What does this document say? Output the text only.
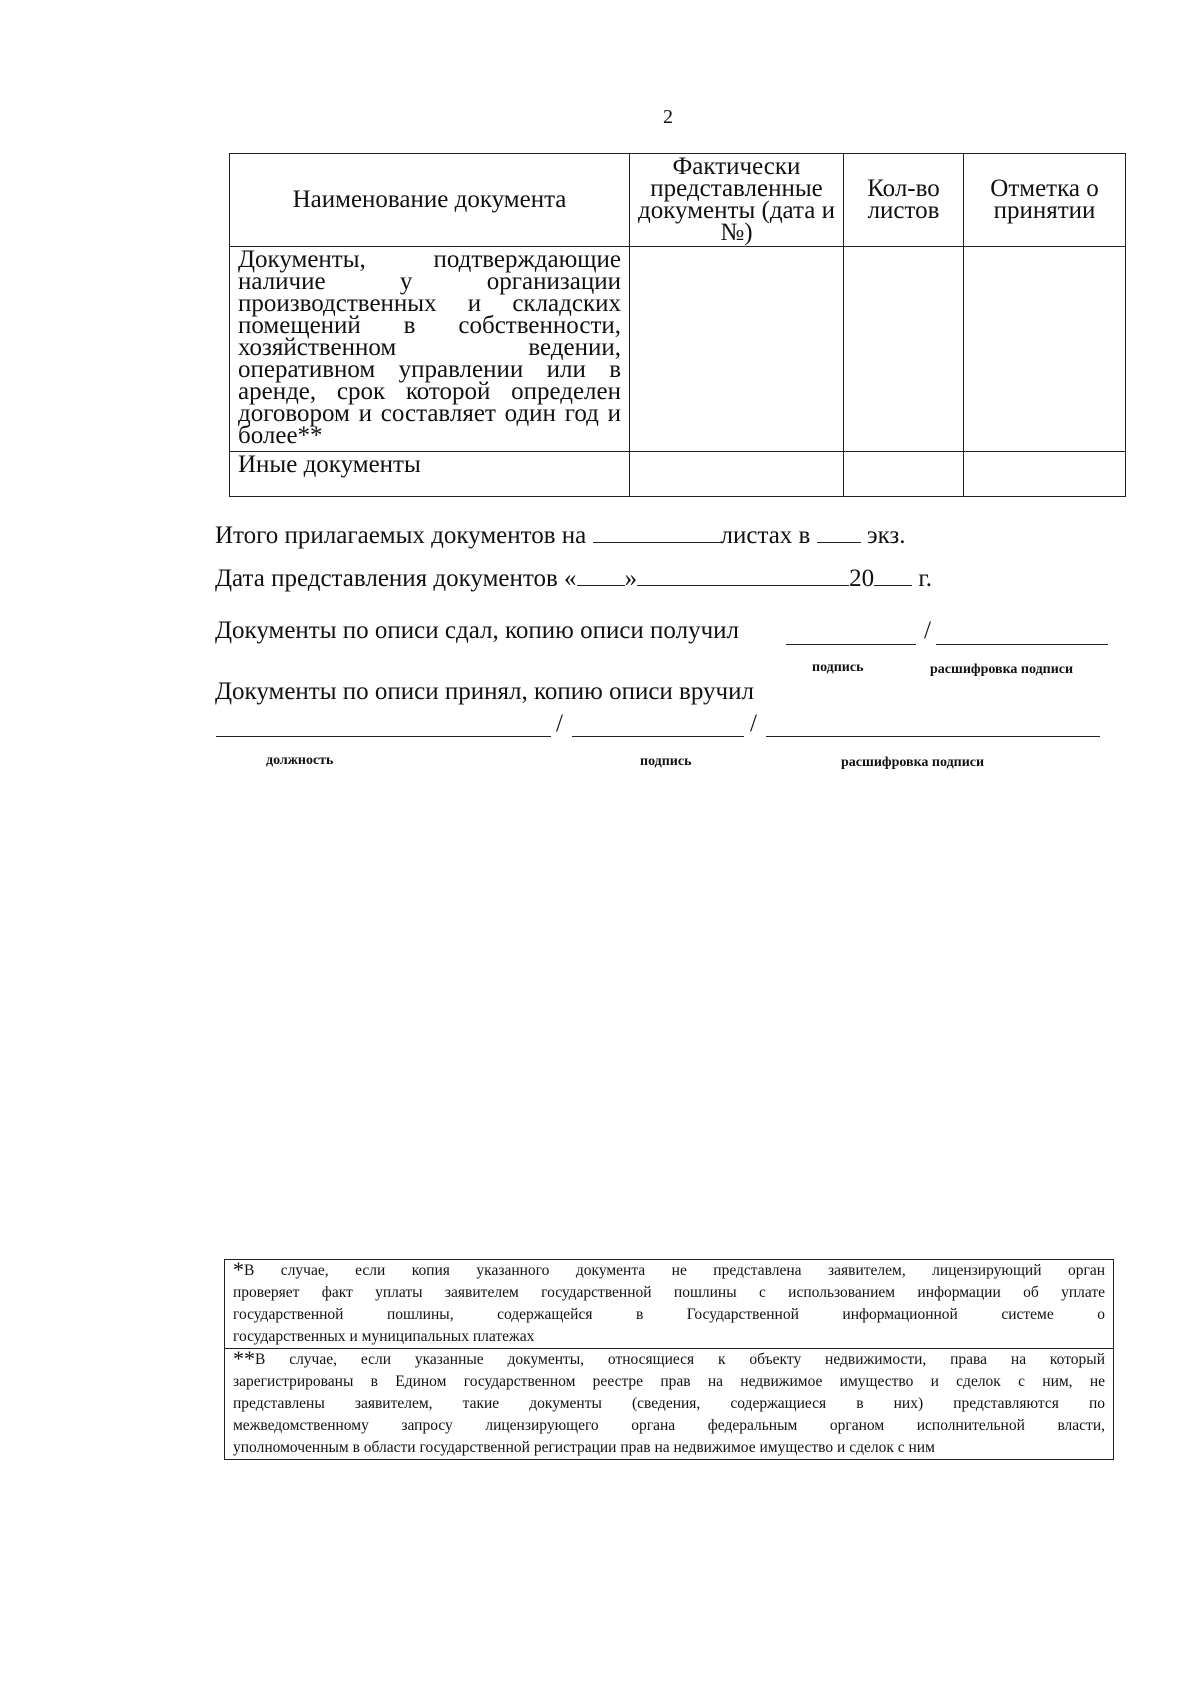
2
Наименование документа	Фактически представленные документы (дата и №)	Кол-во листов	Отметка о принятии

Документы, подтверждающие наличие у организации производственных и складских помещений в собственности, хозяйственном ведении, оперативном управлении или в аренде, срок которой определен договором и составляет один год и более**			

Иные документы			

Итого прилагаемых документов на	листах в экз.
Дата представления документов « »	20 г.
Документы по описи сдал, копию описи получил	/
подпись	расшифровка подписи
Документы по описи принял, копию описи вручил
/	/
должность	подпись	расшифровка подписи
*В случае, если копия указанного документа не представлена заявителем, лицензирующий орган
проверяет факт уплаты заявителем государственной пошлины с использованием информации об уплате
государственной пошлины, содержащейся в Государственной информационной системе о
государственных и муниципальных платежах
**В случае, если указанные документы, относящиеся к объекту недвижимости, права на который
зарегистрированы в Едином государственном реестре прав на недвижимое имущество и сделок с ним, не
представлены заявителем, такие документы (сведения, содержащиеся в них) представляются по
межведомственному запросу лицензирующего органа федеральным органом исполнительной власти,
уполномоченным в области государственной регистрации прав на недвижимое имущество и сделок с ним
